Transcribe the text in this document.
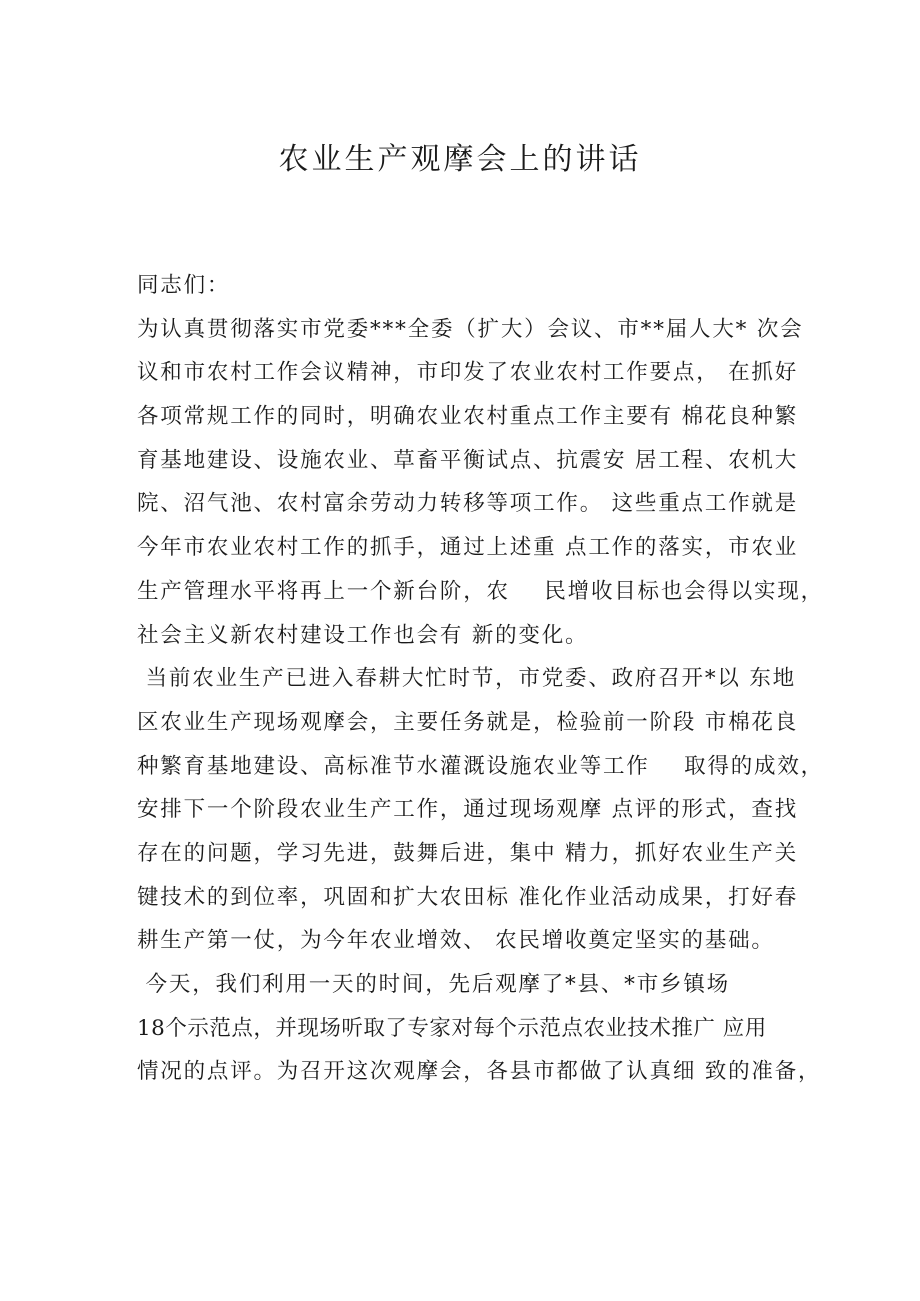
农业生产观摩会上的讲话
同志们：
为认真贯彻落实市党委***全委（扩大）会议、市**届人大* 次会
议和市农村工作会议精神，市印发了农业农村工作要点， 在抓好
各项常规工作的同时，明确农业农村重点工作主要有 棉花良种繁
育基地建设、设施农业、草畜平衡试点、抗震安 居工程、农机大
院、沼气池、农村富余劳动力转移等项工作。 这些重点工作就是
今年市农业农村工作的抓手，通过上述重 点工作的落实，市农业
生产管理水平将再上一个新台阶，农    民增收目标也会得以实现，
社会主义新农村建设工作也会有 新的变化。
当前农业生产已进入春耕大忙时节，市党委、政府召开*以 东地
区农业生产现场观摩会，主要任务就是，检验前一阶段 市棉花良
种繁育基地建设、高标准节水灌溉设施农业等工作    取得的成效，
安排下一个阶段农业生产工作，通过现场观摩 点评的形式，查找
存在的问题，学习先进，鼓舞后进，集中 精力，抓好农业生产关
键技术的到位率，巩固和扩大农田标 准化作业活动成果，打好春
耕生产第一仗，为今年农业增效、 农民增收奠定坚实的基础。
今天，我们利用一天的时间，先后观摩了*县、*市乡镇场
18个示范点，并现场听取了专家对每个示范点农业技术推广 应用
情况的点评。为召开这次观摩会，各县市都做了认真细 致的准备，
